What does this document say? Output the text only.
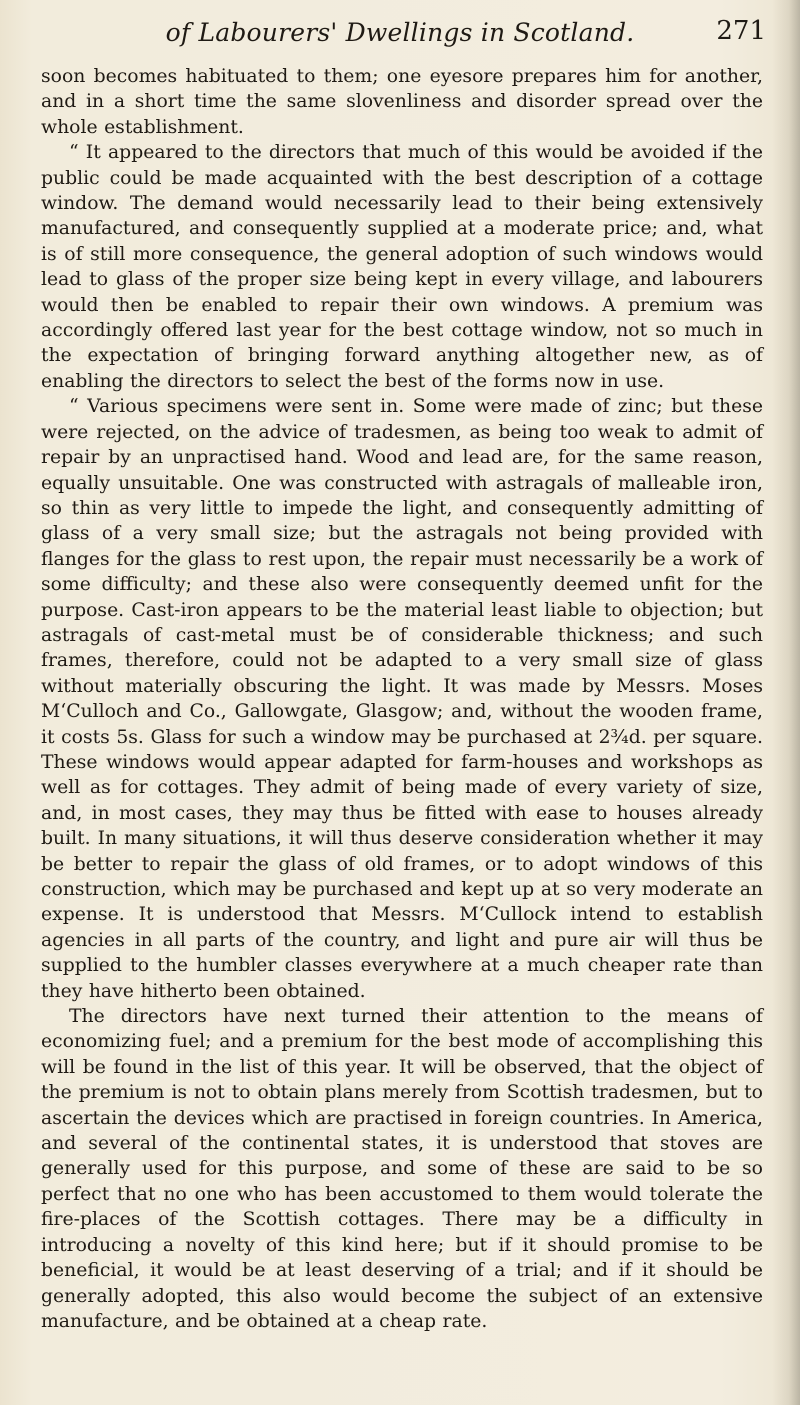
of Labourers' Dwellings in Scotland.	271

soon becomes habituated to them; one eyesore prepares him for another, and in a short time the same slovenliness and disorder spread over the whole establishment.

“ It appeared to the directors that much of this would be avoided if the public could be made acquainted with the best description of a cottage window. The demand would necessarily lead to their being extensively manufactured, and consequently supplied at a moderate price; and, what is of still more consequence, the general adoption of such windows would lead to glass of the proper size being kept in every village, and labourers would then be enabled to repair their own windows. A premium was accordingly offered last year for the best cottage window, not so much in the expectation of bringing forward anything altogether new, as of enabling the directors to select the best of the forms now in use.

“ Various specimens were sent in. Some were made of zinc; but these were rejected, on the advice of tradesmen, as being too weak to admit of repair by an unpractised hand. Wood and lead are, for the same reason, equally unsuitable. One was constructed with astragals of malleable iron, so thin as very little to impede the light, and consequently admitting of glass of a very small size; but the astragals not being provided with flanges for the glass to rest upon, the repair must necessarily be a work of some difficulty; and these also were consequently deemed unfit for the purpose. Cast-iron appears to be the material least liable to objection; but astragals of cast-metal must be of considerable thickness; and such frames, therefore, could not be adapted to a very small size of glass without materially obscuring the light. It was made by Messrs. Moses M‘Culloch and Co., Gallowgate, Glasgow; and, without the wooden frame, it costs 5s. Glass for such a window may be purchased at 2¾d. per square. These windows would appear adapted for farm-houses and workshops as well as for cottages. They admit of being made of every variety of size, and, in most cases, they may thus be fitted with ease to houses already built. In many situations, it will thus deserve consideration whether it may be better to repair the glass of old frames, or to adopt windows of this construction, which may be purchased and kept up at so very moderate an expense. It is understood that Messrs. M‘Cullock intend to establish agencies in all parts of the country, and light and pure air will thus be supplied to the humbler classes everywhere at a much cheaper rate than they have hitherto been obtained.

The directors have next turned their attention to the means of economizing fuel; and a premium for the best mode of accomplishing this will be found in the list of this year. It will be observed, that the object of the premium is not to obtain plans merely from Scottish tradesmen, but to ascertain the devices which are practised in foreign countries. In America, and several of the continental states, it is understood that stoves are generally used for this purpose, and some of these are said to be so perfect that no one who has been accustomed to them would tolerate the fire-places of the Scottish cottages. There may be a difficulty in introducing a novelty of this kind here; but if it should promise to be beneficial, it would be at least deserving of a trial; and if it should be generally adopted, this also would become the subject of an extensive manufacture, and be obtained at a cheap rate.
